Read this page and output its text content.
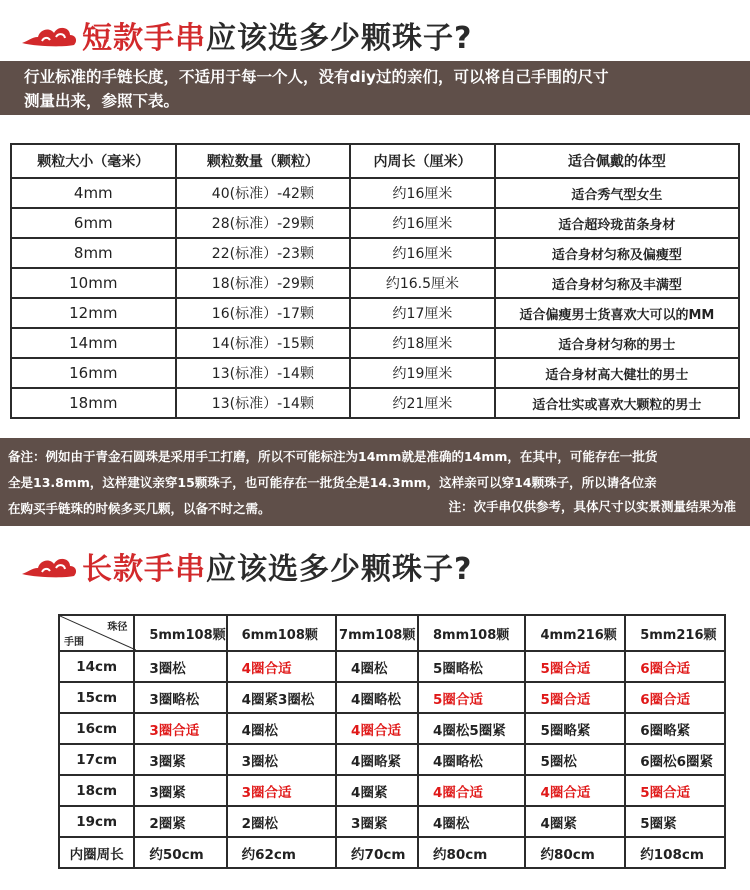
短款手串应该选多少颗珠子?
行业标准的手链长度，不适用于每一个人，没有diy过的亲们，可以将自己手围的尺寸
测量出来，参照下表。
颗粒大小（毫米）	颗粒数量（颗粒）	内周长（厘米）	适合佩戴的体型
4mm	40(标准）-42颗	约16厘米	适合秀气型女生
6mm	28(标准）-29颗	约16厘米	适合超玲珑苗条身材
8mm	22(标准）-23颗	约16厘米	适合身材匀称及偏瘦型
10mm	18(标准）-29颗	约16.5厘米	适合身材匀称及丰满型
12mm	16(标准）-17颗	约17厘米	适合偏瘦男士货喜欢大可以的MM
14mm	14(标准）-15颗	约18厘米	适合身材匀称的男士
16mm	13(标准）-14颗	约19厘米	适合身材高大健壮的男士
18mm	13(标准）-14颗	约21厘米	适合壮实或喜欢大颗粒的男士
备注：例如由于青金石圆珠是采用手工打磨，所以不可能标注为14mm就是准确的14mm，在其中，可能存在一批货
全是13.8mm，这样建议亲穿15颗珠子，也可能存在一批货全是14.3mm，这样亲可以穿14颗珠子，所以请各位亲
在购买手链珠的时候多买几颗，以备不时之需。	注：次手串仅供参考，具体尺寸以实景测量结果为准
长款手串应该选多少颗珠子?
珠径
手围	5mm108颗	6mm108颗	7mm108颗	8mm108颗	4mm216颗	5mm216颗
14cm	3圈松	4圈合适	4圈松	5圈略松	5圈合适	6圈合适
15cm	3圈略松	4圈紧3圈松	4圈略松	5圈合适	5圈合适	6圈合适
16cm	3圈合适	4圈松	4圈合适	4圈松5圈紧	5圈略紧	6圈略紧
17cm	3圈紧	3圈松	4圈略紧	4圈略松	5圈松	6圈松6圈紧
18cm	3圈紧	3圈合适	4圈紧	4圈合适	4圈合适	5圈合适
19cm	2圈紧	2圈松	3圈紧	4圈松	4圈紧	5圈紧
内圈周长	约50cm	约62cm	约70cm	约80cm	约80cm	约108cm
